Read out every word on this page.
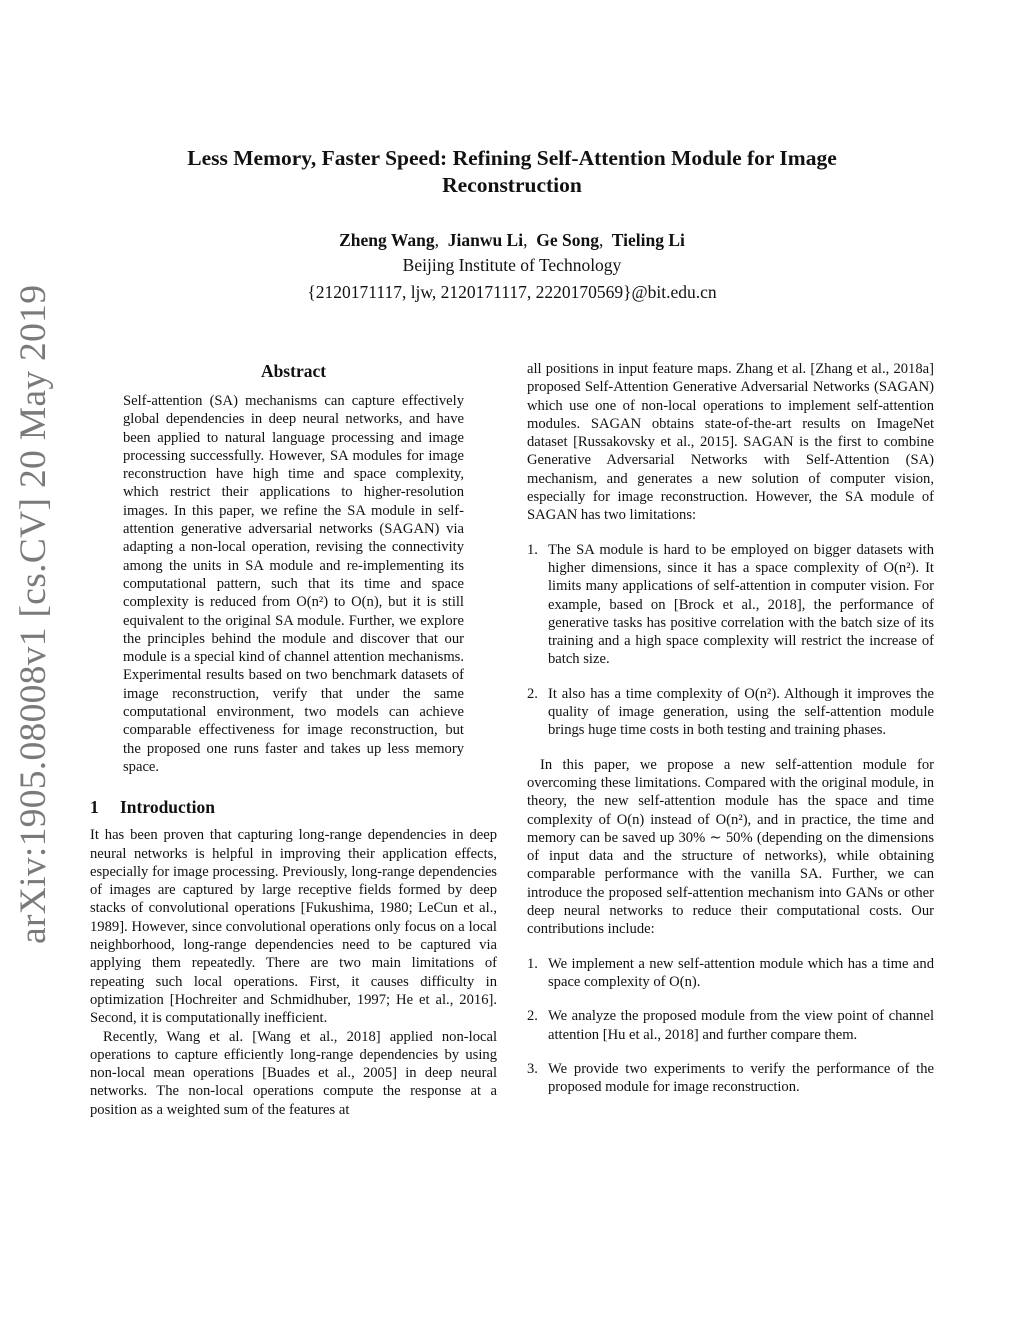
Less Memory, Faster Speed: Refining Self-Attention Module for Image Reconstruction
Zheng Wang, Jianwu Li, Ge Song, Tieling Li
Beijing Institute of Technology
{2120171117, ljw, 2120171117, 2220170569}@bit.edu.cn
arXiv:1905.08008v1 [cs.CV] 20 May 2019	Abstract

Self-attention (SA) mechanisms can capture effectively global dependencies in deep neural networks, and have been applied to natural language processing and image processing successfully. However, SA modules for image reconstruction have high time and space complexity, which restrict their applications to higher-resolution images. In this paper, we refine the SA module in self-attention generative adversarial networks (SAGAN) via adapting a non-local operation, revising the connectivity among the units in SA module and re-implementing its computational pattern, such that its time and space complexity is reduced from O(n²) to O(n), but it is still equivalent to the original SA module. Further, we explore the principles behind the module and discover that our module is a special kind of channel attention mechanisms. Experimental results based on two benchmark datasets of image reconstruction, verify that under the same computational environment, two models can achieve comparable effectiveness for image reconstruction, but the proposed one runs faster and takes up less memory space.

1 Introduction

It has been proven that capturing long-range dependencies in deep neural networks is helpful in improving their application effects, especially for image processing. Previously, long-range dependencies of images are captured by large receptive fields formed by deep stacks of convolutional operations [Fukushima, 1980; LeCun et al., 1989]. However, since convolutional operations only focus on a local neighborhood, long-range dependencies need to be captured via applying them repeatedly. There are two main limitations of repeating such local operations. First, it causes difficulty in optimization [Hochreiter and Schmidhuber, 1997; He et al., 2016]. Second, it is computationally inefficient.

Recently, Wang et al. [Wang et al., 2018] applied non-local operations to capture efficiently long-range dependencies by using non-local mean operations [Buades et al., 2005] in deep neural networks. The non-local operations compute the response at a position as a weighted sum of the features at

all positions in input feature maps. Zhang et al. [Zhang et al., 2018a] proposed Self-Attention Generative Adversarial Networks (SAGAN) which use one of non-local operations to implement self-attention modules. SAGAN obtains state-of-the-art results on ImageNet dataset [Russakovsky et al., 2015]. SAGAN is the first to combine Generative Adversarial Networks with Self-Attention (SA) mechanism, and generates a new solution of computer vision, especially for image reconstruction. However, the SA module of SAGAN has two limitations:

1. The SA module is hard to be employed on bigger datasets with higher dimensions, since it has a space complexity of O(n²). It limits many applications of self-attention in computer vision. For example, based on [Brock et al., 2018], the performance of generative tasks has positive correlation with the batch size of its training and a high space complexity will restrict the increase of batch size.
2. It also has a time complexity of O(n²). Although it improves the quality of image generation, using the self-attention module brings huge time costs in both testing and training phases.

In this paper, we propose a new self-attention module for overcoming these limitations. Compared with the original module, in theory, the new self-attention module has the space and time complexity of O(n) instead of O(n²), and in practice, the time and memory can be saved up 30% ∼ 50% (depending on the dimensions of input data and the structure of networks), while obtaining comparable performance with the vanilla SA. Further, we can introduce the proposed self-attention mechanism into GANs or other deep neural networks to reduce their computational costs. Our contributions include:

1. We implement a new self-attention module which has a time and space complexity of O(n).
2. We analyze the proposed module from the view point of channel attention [Hu et al., 2018] and further compare them.
3. We provide two experiments to verify the performance of the proposed module for image reconstruction.
